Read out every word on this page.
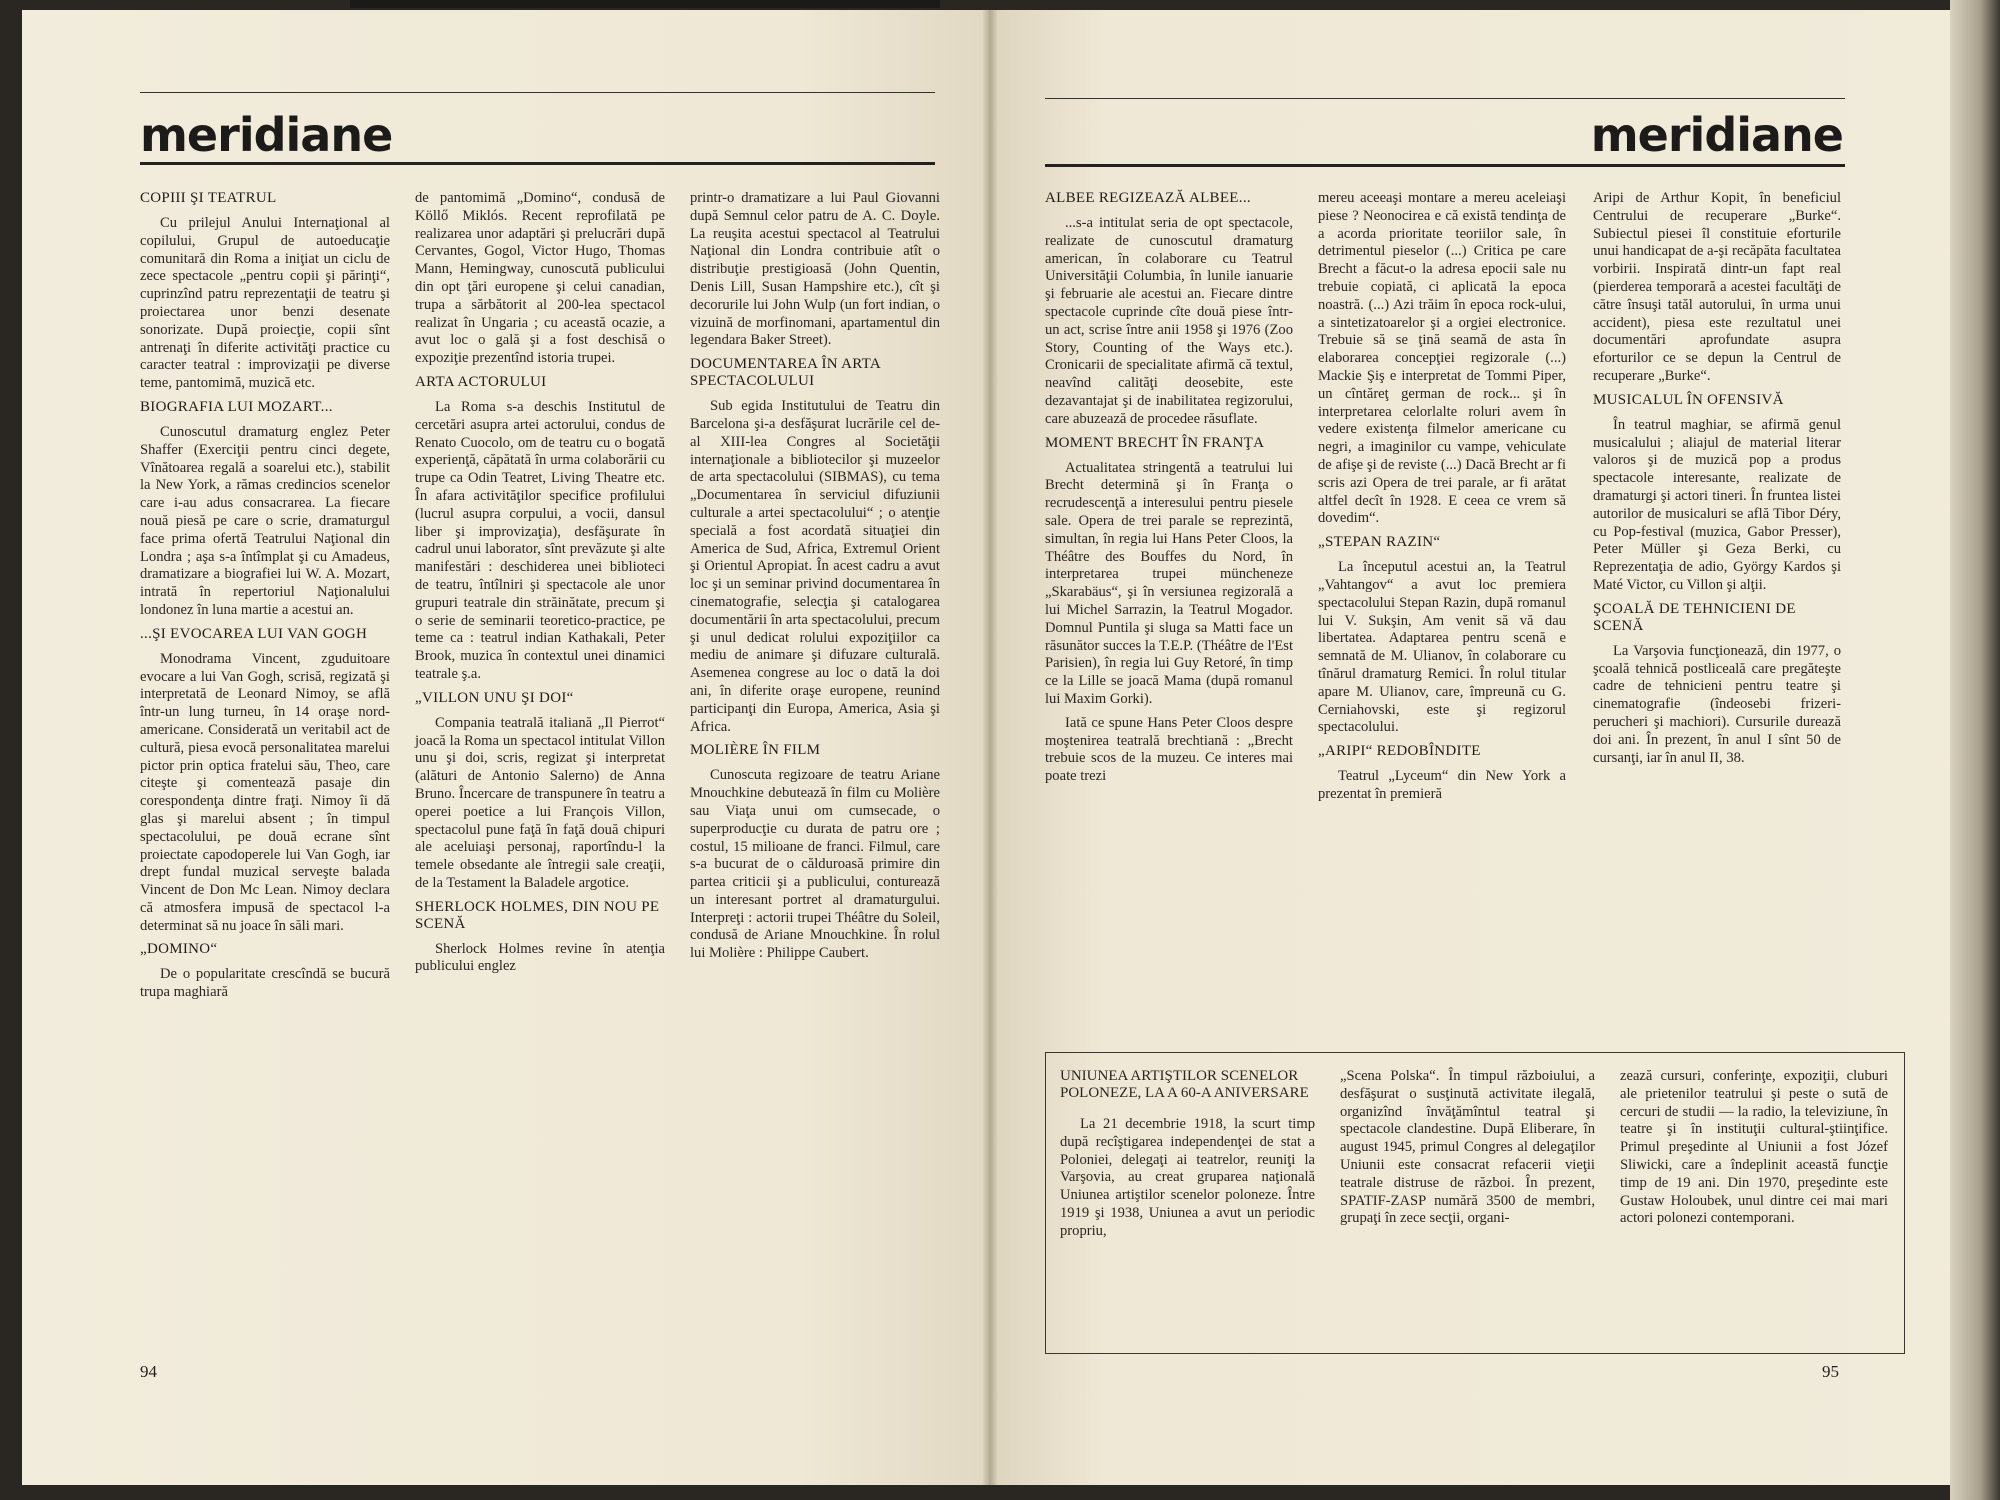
meridiane	meridiane
COPIII ŞI TEATRUL

Cu prilejul Anului Internaţional al copilului, Grupul de autoeducaţie comunitară din Roma a iniţiat un ciclu de zece spectacole „pentru copii şi părinţi“, cuprinzînd patru reprezentaţii de teatru şi proiectarea unor benzi desenate sonorizate. După proiecţie, copii sînt antrenaţi în diferite activităţi practice cu caracter teatral : improvizaţii pe diverse teme, pantomimă, muzică etc.

BIOGRAFIA LUI MOZART...

Cunoscutul dramaturg englez Peter Shaffer (Exerciţii pentru cinci degete, Vînătoarea regală a soarelui etc.), stabilit la New York, a rămas credincios scenelor care i-au adus consacrarea. La fiecare nouă piesă pe care o scrie, dramaturgul face prima ofertă Teatrului Naţional din Londra ; aşa s-a întîmplat şi cu Amadeus, dramatizare a biografiei lui W. A. Mozart, intrată în repertoriul Naţionalului londonez în luna martie a acestui an.

...ŞI EVOCAREA LUI VAN GOGH

Monodrama Vincent, zguduitoare evocare a lui Van Gogh, scrisă, regizată şi interpretată de Leonard Nimoy, se află într-un lung turneu, în 14 oraşe nord-americane. Considerată un veritabil act de cultură, piesa evocă personalitatea marelui pictor prin optica fratelui său, Theo, care citeşte şi comentează pasaje din corespondenţa dintre fraţi. Nimoy îi dă glas şi marelui absent ; în timpul spectacolului, pe două ecrane sînt proiectate capodoperele lui Van Gogh, iar drept fundal muzical serveşte balada Vincent de Don Mc Lean. Nimoy declara că atmosfera impusă de spectacol l-a determinat să nu joace în săli mari.

„DOMINO“

De o popularitate crescîndă se bucură trupa maghiară

de pantomimă „Domino“, condusă de Köllő Miklós. Recent reprofilată pe realizarea unor adaptări şi prelucrări după Cervantes, Gogol, Victor Hugo, Thomas Mann, Hemingway, cunoscută publicului din opt ţări europene şi celui canadian, trupa a sărbătorit al 200-lea spectacol realizat în Ungaria ; cu această ocazie, a avut loc o gală şi a fost deschisă o expoziţie prezentînd istoria trupei.

ARTA ACTORULUI

La Roma s-a deschis Institutul de cercetări asupra artei actorului, condus de Renato Cuocolo, om de teatru cu o bogată experienţă, căpătată în urma colaborării cu trupe ca Odin Teatret, Living Theatre etc. În afara activităţilor specifice profilului (lucrul asupra corpului, a vocii, dansul liber şi improvizaţia), desfăşurate în cadrul unui laborator, sînt prevăzute şi alte manifestări : deschiderea unei biblioteci de teatru, întîlniri şi spectacole ale unor grupuri teatrale din străinătate, precum şi o serie de seminarii teoretico-practice, pe teme ca : teatrul indian Kathakali, Peter Brook, muzica în contextul unei dinamici teatrale ş.a.

„VILLON UNU ŞI DOI“

Compania teatrală italiană „Il Pierrot“ joacă la Roma un spectacol intitulat Villon unu şi doi, scris, regizat şi interpretat (alături de Antonio Salerno) de Anna Bruno. Încercare de transpunere în teatru a operei poetice a lui François Villon, spectacolul pune faţă în faţă două chipuri ale aceluiaşi personaj, raportîndu-l la temele obsedante ale întregii sale creaţii, de la Testament la Baladele argotice.

SHERLOCK HOLMES, DIN NOU PE SCENĂ

Sherlock Holmes revine în atenţia publicului englez

printr-o dramatizare a lui Paul Giovanni după Semnul celor patru de A. C. Doyle. La reuşita acestui spectacol al Teatrului Naţional din Londra contribuie atît o distribuţie prestigioasă (John Quentin, Denis Lill, Susan Hampshire etc.), cît şi decorurile lui John Wulp (un fort indian, o vizuină de morfinomani, apartamentul din legendara Baker Street).

DOCUMENTAREA ÎN ARTA SPECTACOLULUI

Sub egida Institutului de Teatru din Barcelona şi-a desfăşurat lucrările cel de-al XIII-lea Congres al Societăţii internaţionale a bibliotecilor şi muzeelor de arta spectacolului (SIBMAS), cu tema „Documentarea în serviciul difuziunii culturale a artei spectacolului“ ; o atenţie specială a fost acordată situaţiei din America de Sud, Africa, Extremul Orient şi Orientul Apropiat. În acest cadru a avut loc şi un seminar privind documentarea în cinematografie, selecţia şi catalogarea documentării în arta spectacolului, precum şi unul dedicat rolului expoziţiilor ca mediu de animare şi difuzare culturală. Asemenea congrese au loc o dată la doi ani, în diferite oraşe europene, reunind participanţi din Europa, America, Asia şi Africa.

MOLIÈRE ÎN FILM

Cunoscuta regizoare de teatru Ariane Mnouchkine debutează în film cu Molière sau Viaţa unui om cumsecade, o superproducţie cu durata de patru ore ; costul, 15 milioane de franci. Filmul, care s-a bucurat de o călduroasă primire din partea criticii şi a publicului, conturează un interesant portret al dramaturgului. Interpreţi : actorii trupei Théâtre du Soleil, condusă de Ariane Mnouchkine. În rolul lui Molière : Philippe Caubert.

ALBEE REGIZEAZĂ ALBEE...

...s-a intitulat seria de opt spectacole, realizate de cunoscutul dramaturg american, în colaborare cu Teatrul Universităţii Columbia, în lunile ianuarie şi februarie ale acestui an. Fiecare dintre spectacole cuprinde cîte două piese într-un act, scrise între anii 1958 şi 1976 (Zoo Story, Counting of the Ways etc.). Cronicarii de specialitate afirmă că textul, neavînd calităţi deosebite, este dezavantajat şi de inabilitatea regizorului, care abuzează de procedee răsuflate.

MOMENT BRECHT ÎN FRANŢA

Actualitatea stringentă a teatrului lui Brecht determină şi în Franţa o recrudescenţă a interesului pentru piesele sale. Opera de trei parale se reprezintă, simultan, în regia lui Hans Peter Cloos, la Théâtre des Bouffes du Nord, în interpretarea trupei müncheneze „Skarabäus“, şi în versiunea regizorală a lui Michel Sarrazin, la Teatrul Mogador. Domnul Puntila şi sluga sa Matti face un răsunător succes la T.E.P. (Théâtre de l'Est Parisien), în regia lui Guy Retoré, în timp ce la Lille se joacă Mama (după romanul lui Maxim Gorki).

Iată ce spune Hans Peter Cloos despre moştenirea teatrală brechtiană : „Brecht trebuie scos de la muzeu. Ce interes mai poate trezi

mereu aceeaşi montare a mereu aceleiaşi piese ? Neonocirea e că există tendinţa de a acorda prioritate teoriilor sale, în detrimentul pieselor (...) Critica pe care Brecht a făcut-o la adresa epocii sale nu trebuie copiată, ci aplicată la epoca noastră. (...) Azi trăim în epoca rock-ului, a sintetizatoarelor şi a orgiei electronice. Trebuie să se ţină seamă de asta în elaborarea concepţiei regizorale (...) Mackie Şiş e interpretat de Tommi Piper, un cîntăreţ german de rock... şi în interpretarea celorlalte roluri avem în vedere existenţa filmelor americane cu negri, a imaginilor cu vampe, vehiculate de afişe şi de reviste (...) Dacă Brecht ar fi scris azi Opera de trei parale, ar fi arătat altfel decît în 1928. E ceea ce vrem să dovedim“.

„STEPAN RAZIN“

La începutul acestui an, la Teatrul „Vahtangov“ a avut loc premiera spectacolului Stepan Razin, după romanul lui V. Sukşin, Am venit să vă dau libertatea. Adaptarea pentru scenă e semnată de M. Ulianov, în colaborare cu tînărul dramaturg Remici. În rolul titular apare M. Ulianov, care, împreună cu G. Cerniahovski, este şi regizorul spectacolului.

„ARIPI“ REDOBÎNDITE

Teatrul „Lyceum“ din New York a prezentat în premieră

Aripi de Arthur Kopit, în beneficiul Centrului de recuperare „Burke“. Subiectul piesei îl constituie eforturile unui handicapat de a-şi recăpăta facultatea vorbirii. Inspirată dintr-un fapt real (pierderea temporară a acestei facultăţi de către însuşi tatăl autorului, în urma unui accident), piesa este rezultatul unei documentări aprofundate asupra eforturilor ce se depun la Centrul de recuperare „Burke“.

MUSICALUL ÎN OFENSIVĂ

În teatrul maghiar, se afirmă genul musicalului ; aliajul de material literar valoros şi de muzică pop a produs spectacole interesante, realizate de dramaturgi şi actori tineri. În fruntea listei autorilor de musicaluri se află Tibor Déry, cu Pop-festival (muzica, Gabor Presser), Peter Müller şi Geza Berki, cu Reprezentaţia de adio, György Kardos şi Maté Victor, cu Villon şi alţii.

ŞCOALĂ DE TEHNICIENI DE SCENĂ

La Varşovia funcţionează, din 1977, o şcoală tehnică postliceală care pregăteşte cadre de tehnicieni pentru teatre şi cinematografie (îndeosebi frizeri-perucheri şi machiori). Cursurile durează doi ani. În prezent, în anul I sînt 50 de cursanţi, iar în anul II, 38.

UNIUNEA ARTIŞTILOR SCENELOR POLONEZE, LA A 60-A ANIVERSARE

La 21 decembrie 1918, la scurt timp după recîştigarea independenţei de stat a Poloniei, delegaţi ai teatrelor, reuniţi la Varşovia, au creat gruparea naţională Uniunea artiştilor scenelor poloneze. Între 1919 şi 1938, Uniunea a avut un periodic propriu,

„Scena Polska“. În timpul războiului, a desfăşurat o susţinută activitate ilegală, organizînd învăţămîntul teatral şi spectacole clandestine. După Eliberare, în august 1945, primul Congres al delegaţilor Uniunii este consacrat refacerii vieţii teatrale distruse de război. În prezent, SPATIF-ZASP numără 3500 de membri, grupaţi în zece secţii, organi-

zează cursuri, conferinţe, expoziţii, cluburi ale prietenilor teatrului şi peste o sută de cercuri de studii — la radio, la televiziune, în teatre şi în instituţii cultural-ştiinţifice. Primul preşedinte al Uniunii a fost Józef Sliwicki, care a îndeplinit această funcţie timp de 19 ani. Din 1970, preşedinte este Gustaw Holoubek, unul dintre cei mai mari actori polonezi contemporani.

94	95
